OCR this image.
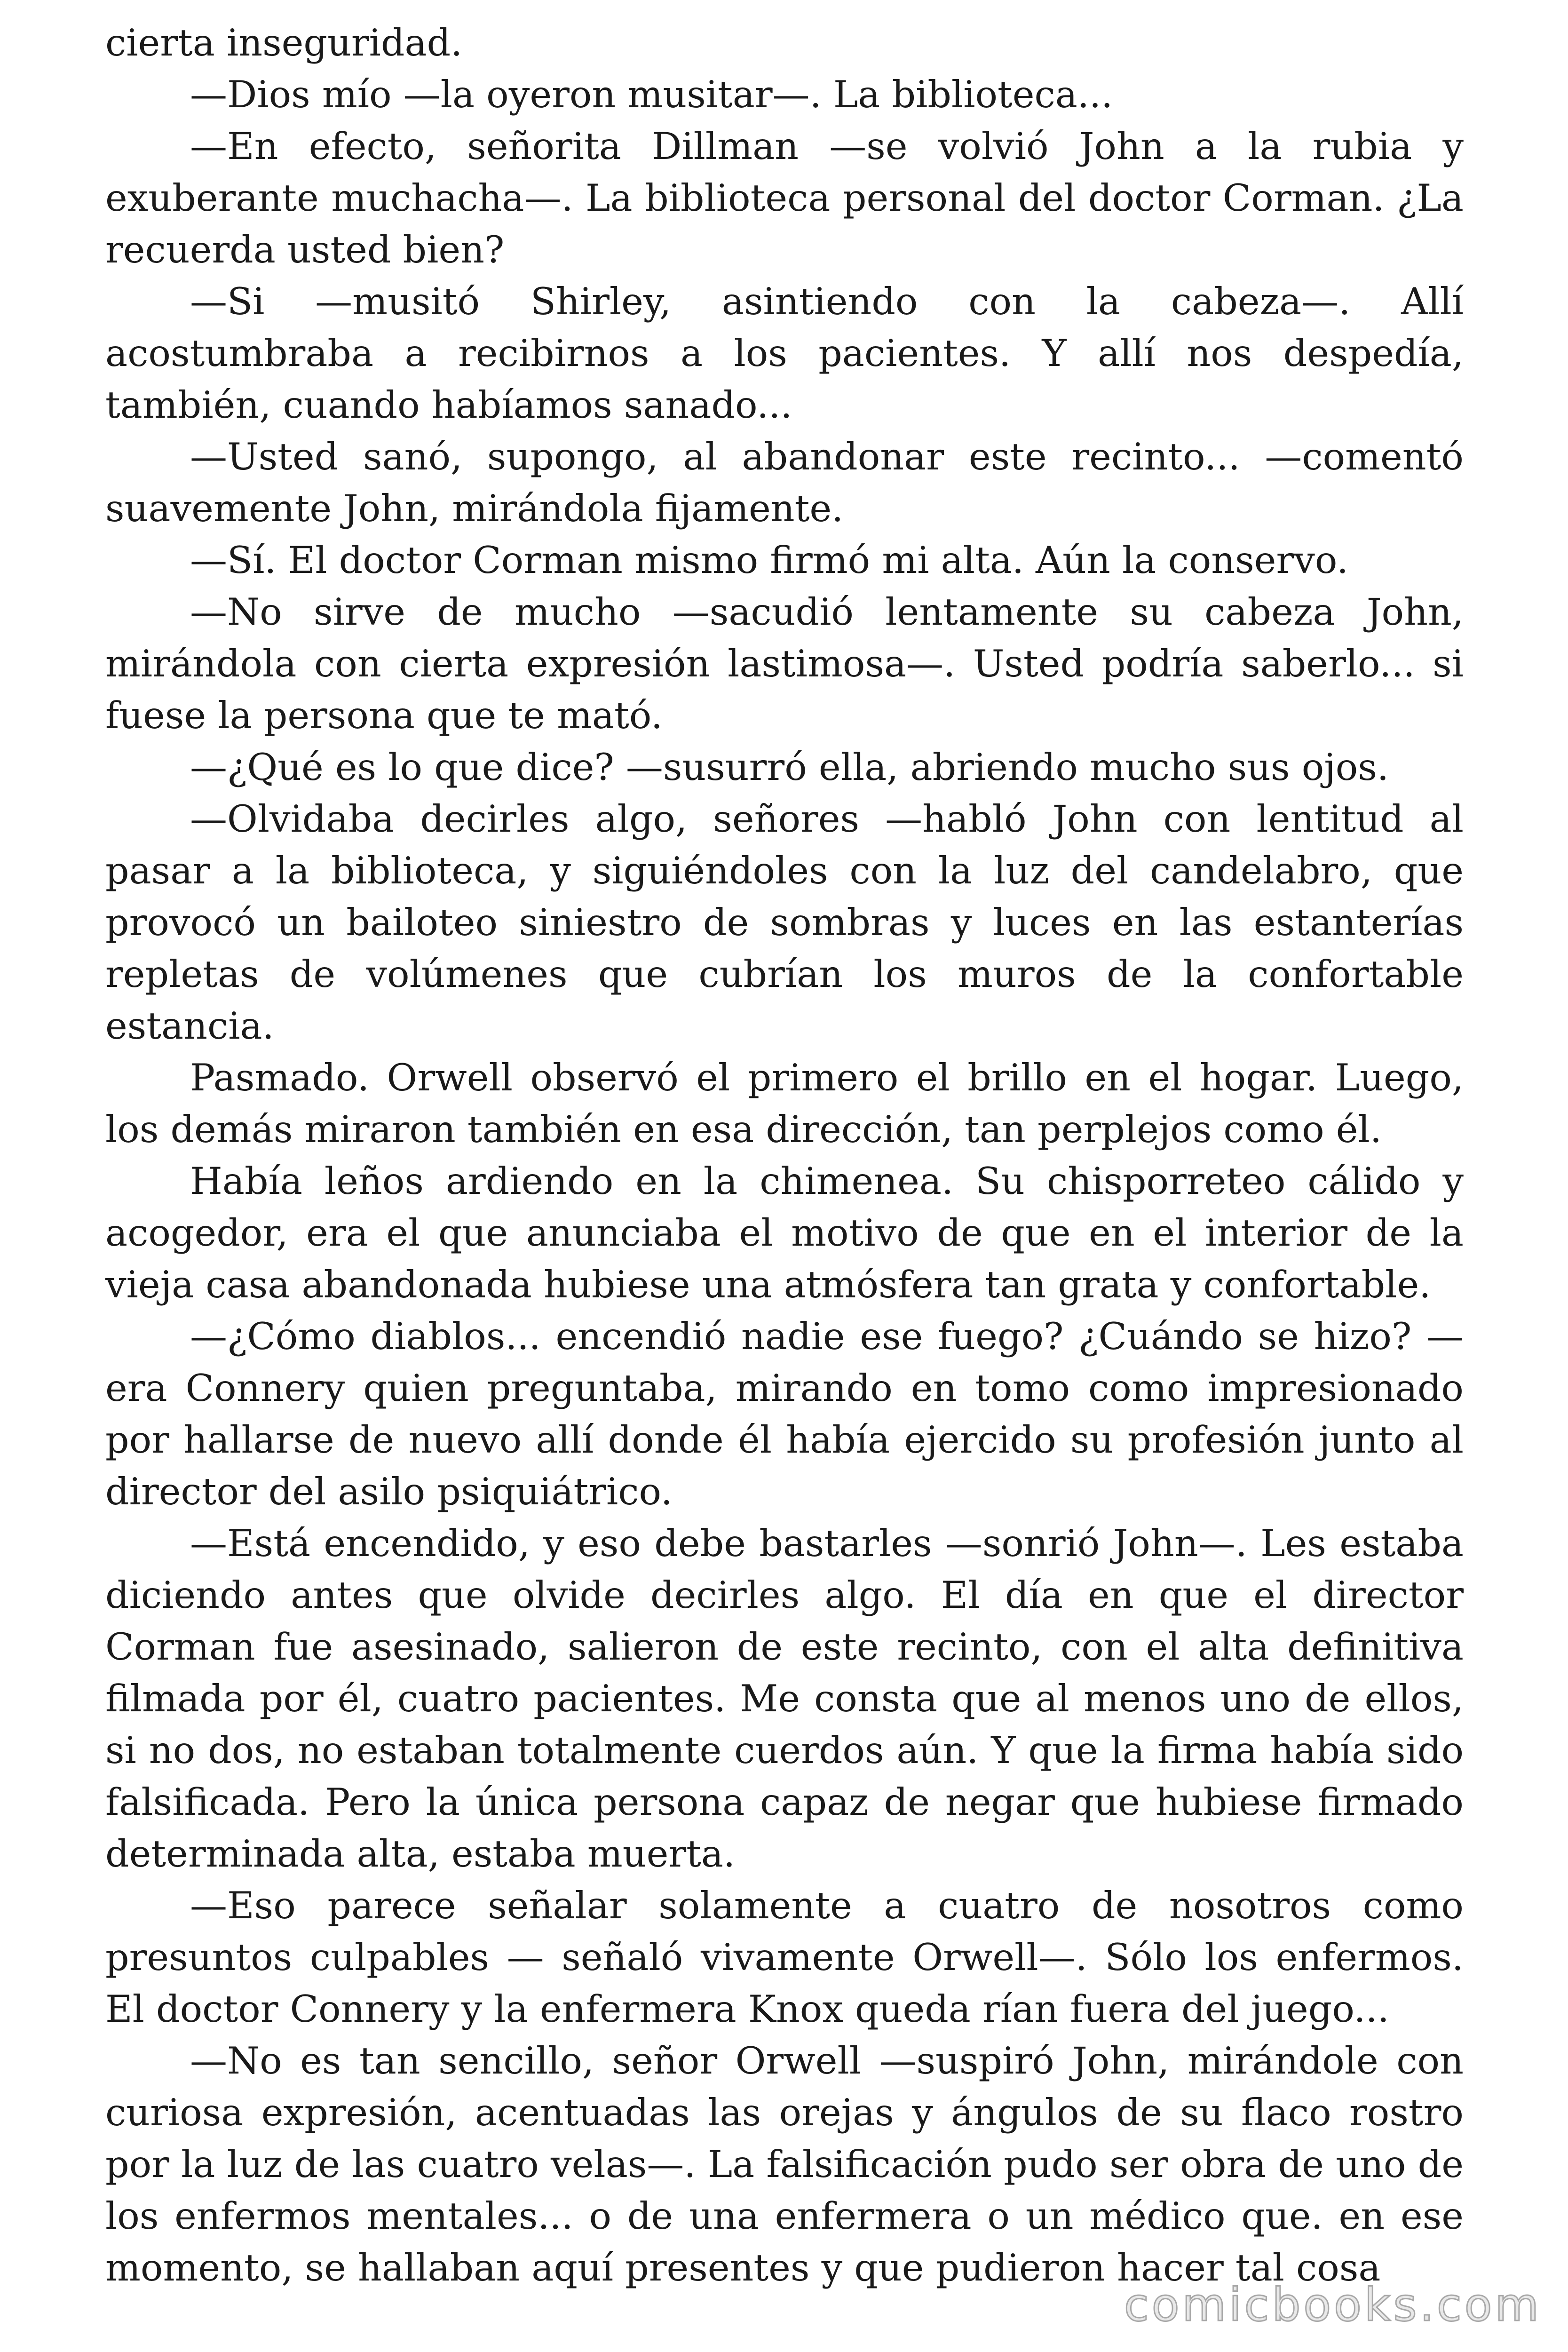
cierta inseguridad.

—Dios mío —la oyeron musitar—. La biblioteca...

—En efecto, señorita Dillman —se volvió John a la rubia y exuberante muchacha—. La biblioteca personal del doctor Corman. ¿La recuerda usted bien?

—Si —musitó Shirley, asintiendo con la cabeza—. Allí acostumbraba a recibirnos a los pacientes. Y allí nos despedía, también, cuando habíamos sanado...

—Usted sanó, supongo, al abandonar este recinto... —comentó suavemente John, mirándola fijamente.

—Sí. El doctor Corman mismo firmó mi alta. Aún la conservo.

—No sirve de mucho —sacudió lentamente su cabeza John, mirándola con cierta expresión lastimosa—. Usted podría saberlo... si fuese la persona que te mató.

—¿Qué es lo que dice? —susurró ella, abriendo mucho sus ojos.

—Olvidaba decirles algo, señores —habló John con lentitud al pasar a la biblioteca, y siguiéndoles con la luz del candelabro, que provocó un bailoteo siniestro de sombras y luces en las estanterías repletas de volúmenes que cubrían los muros de la confortable estancia.

Pasmado. Orwell observó el primero el brillo en el hogar. Luego, los demás miraron también en esa dirección, tan perplejos como él.

Había leños ardiendo en la chimenea. Su chisporreteo cálido y acogedor, era el que anunciaba el motivo de que en el interior de la vieja casa abandonada hubiese una atmósfera tan grata y confortable.

—¿Cómo diablos... encendió nadie ese fuego? ¿Cuándo se hizo? —era Connery quien preguntaba, mirando en tomo como impresionado por hallarse de nuevo allí donde él había ejercido su profesión junto al director del asilo psiquiátrico.

—Está encendido, y eso debe bastarles —sonrió John—. Les estaba diciendo antes que olvide decirles algo. El día en que el director Corman fue asesinado, salieron de este recinto, con el alta definitiva filmada por él, cuatro pacientes. Me consta que al menos uno de ellos, si no dos, no estaban totalmente cuerdos aún. Y que la firma había sido falsificada. Pero la única persona capaz de negar que hubiese firmado determinada alta, estaba muerta.

—Eso parece señalar solamente a cuatro de nosotros como presuntos culpables — señaló vivamente Orwell—. Sólo los enfermos. El doctor Connery y la enfermera Knox queda rían fuera del juego...

—No es tan sencillo, señor Orwell —suspiró John, mirándole con curiosa expresión, acentuadas las orejas y ángulos de su flaco rostro por la luz de las cuatro velas—. La falsificación pudo ser obra de uno de los enfermos mentales... o de una enfermera o un médico que. en ese momento, se hallaban aquí presentes y que pudieron hacer tal cosa

comicbooks.com
